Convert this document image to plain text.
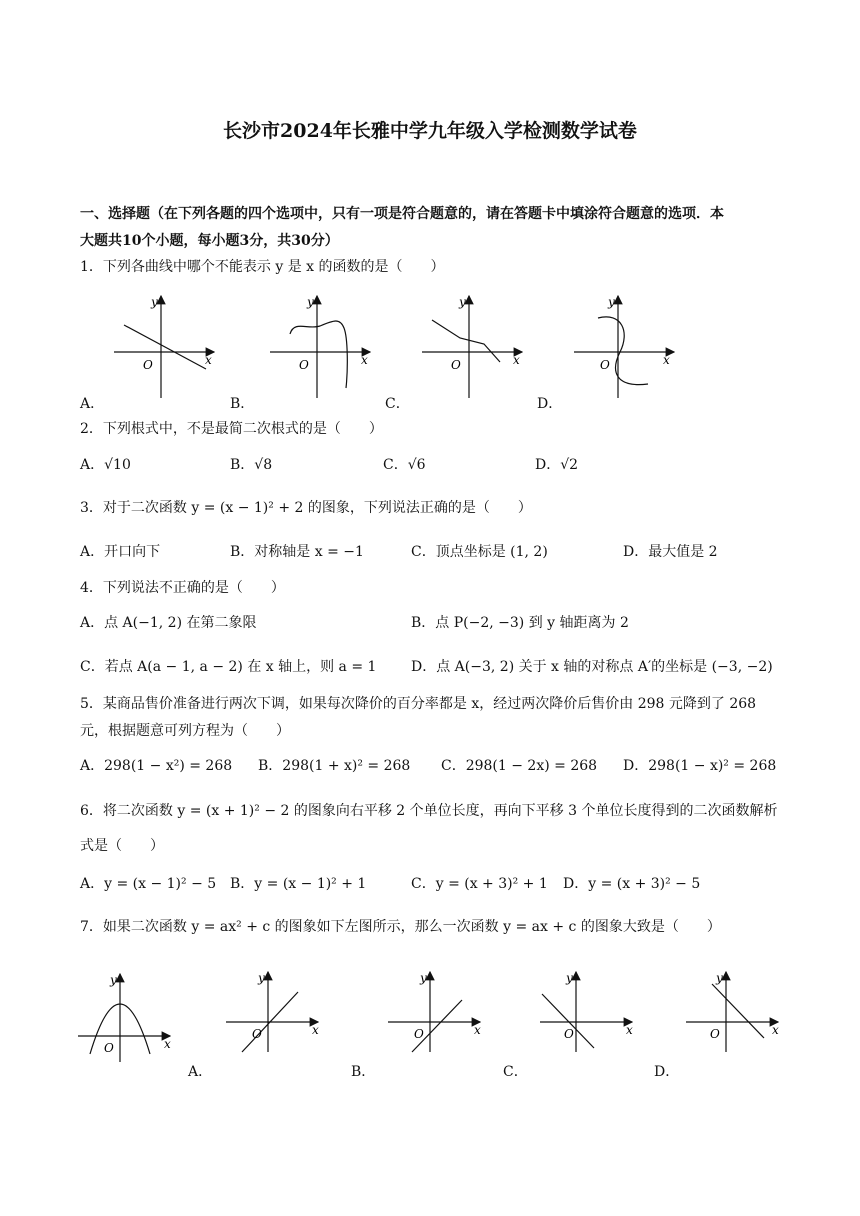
长沙市2024年长雅中学九年级入学检测数学试卷
一、选择题（在下列各题的四个选项中，只有一项是符合题意的，请在答题卡中填涂符合题意的选项．本
大题共10个小题，每小题3分，共30分）
1．下列各曲线中哪个不能表示 y 是 x 的函数的是（　　）
y
x
O
y
x
O
y
x
O
y
x
O
A．	B．	C．	D．
2．下列根式中，不是最简二次根式的是（　　）
A．√10	B．√8	C．√6	D．√2
3．对于二次函数 y = (x − 1)² + 2 的图象，下列说法正确的是（　　）
A．开口向下	B．对称轴是 x = −1	C．顶点坐标是 (1, 2)	D．最大值是 2
4．下列说法不正确的是（　　）
A．点 A(−1, 2) 在第二象限	B．点 P(−2, −3) 到 y 轴距离为 2
C．若点 A(a − 1, a − 2) 在 x 轴上，则 a = 1 D．点 A(−3, 2) 关于 x 轴的对称点 A′的坐标是 (−3, −2)
5．某商品售价准备进行两次下调，如果每次降价的百分率都是 x，经过两次降价后售价由 298 元降到了 268
元，根据题意可列方程为（　　）
A．298(1 − x²) = 268 B．298(1 + x)² = 268 C．298(1 − 2x) = 268 D．298(1 − x)² = 268
6．将二次函数 y = (x + 1)² − 2 的图象向右平移 2 个单位长度，再向下平移 3 个单位长度得到的二次函数解析
式是（　　）
A．y = (x − 1)² − 5 B．y = (x − 1)² + 1	C．y = (x + 3)² + 1 D．y = (x + 3)² − 5
7．如果二次函数 y = ax² + c 的图象如下左图所示，那么一次函数 y = ax + c 的图象大致是（　　）
y
x
O
y
x
O
y
x
O
y
x
O
y
x
O
A．	B．	C．	D．
